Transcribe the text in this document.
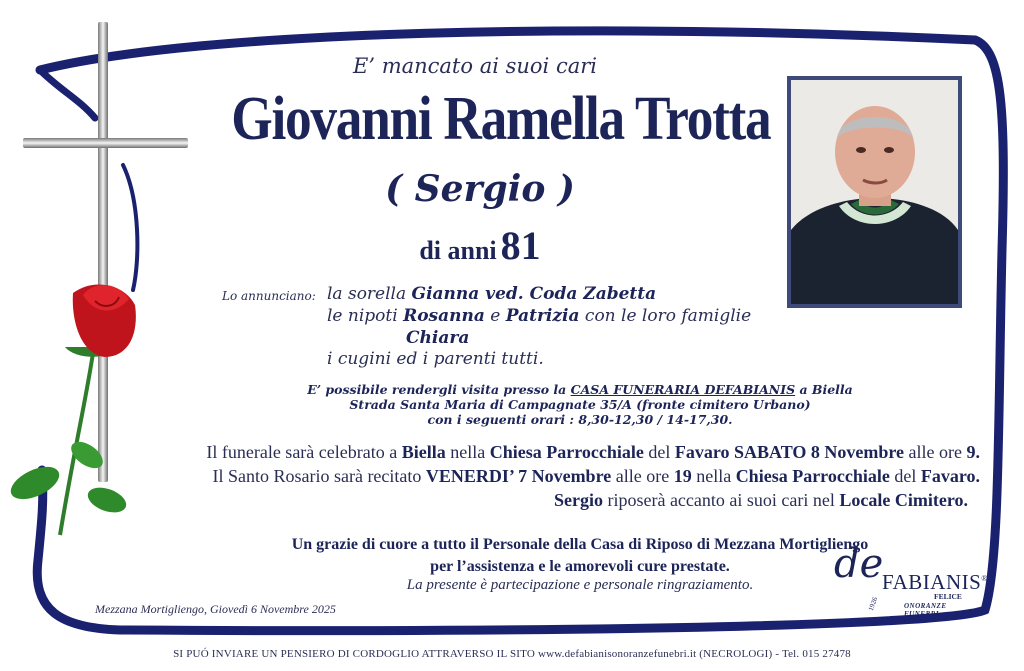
E’ mancato ai suoi cari
Giovanni Ramella Trotta
( Sergio )
di anni 81
Lo annunciano: la sorella Gianna ved. Coda Zabetta
le nipoti Rosanna e Patrizia con le loro famiglie
Chiara
i cugini ed i parenti tutti.
E’ possibile rendergli visita presso la CASA FUNERARIA DEFABIANIS a Biella
Strada Santa Maria di Campagnate 35/A (fronte cimitero Urbano)
con i seguenti orari : 8,30-12,30 / 14-17,30.

Il funerale sarà celebrato a Biella nella Chiesa Parrocchiale del Favaro SABATO 8 Novembre alle ore 9.

Il Santo Rosario sarà recitato VENERDI’ 7 Novembre alle ore 19 nella Chiesa Parrocchiale del Favaro.

Sergio riposerà accanto ai suoi cari nel Locale Cimitero.

Un grazie di cuore a tutto il Personale della Casa di Riposo di Mezzana Mortigliengo
per l’assistenza e le amorevoli cure prestate.
La presente è partecipazione e personale ringraziamento.
Mezzana Mortigliengo, Giovedì 6 Novembre 2025
de
FABIANIS®
FELICE
1926	ONORANZE FUNEBRI
SI PUÓ INVIARE UN PENSIERO DI CORDOGLIO ATTRAVERSO IL SITO www.defabianisonoranzefunebri.it (NECROLOGI) - Tel. 015 27478
